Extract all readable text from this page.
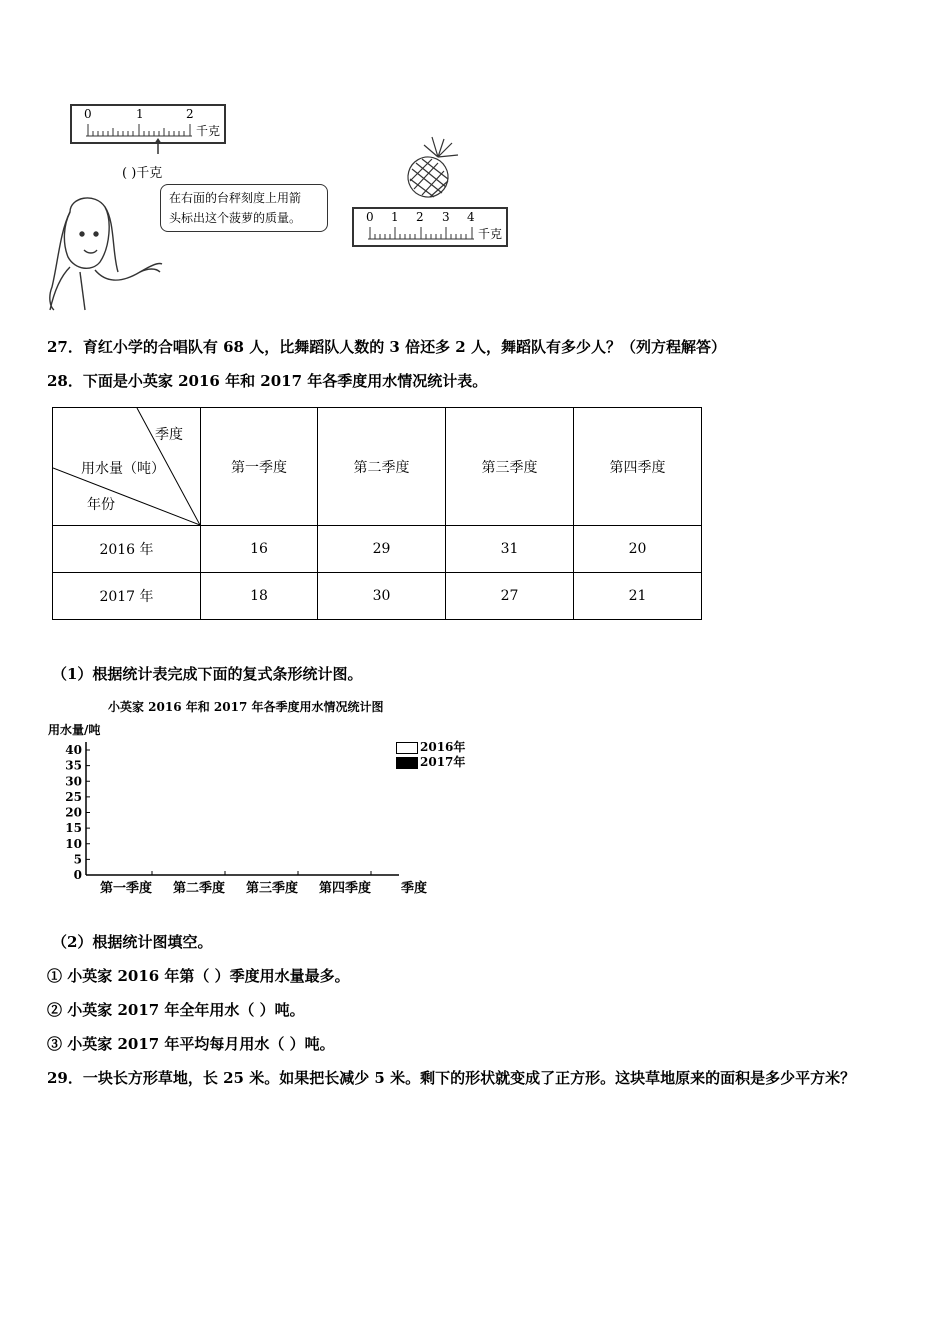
0	1	2
千克
( )千克
在右面的台秤刻度上用箭
头标出这个菠萝的质量。	0 1 2 3 4
千克
27．育红小学的合唱队有 68 人，比舞蹈队人数的 3 倍还多 2 人，舞蹈队有多少人？（列方程解答）
28．下面是小英家 2016 年和 2017 年各季度用水情况统计表。
季度
用水量（吨）
年份	第一季度	第二季度	第三季度	第四季度
2016 年	16	29	31	20
2017 年	18	30	27	21
（1）根据统计表完成下面的复式条形统计图。
小英家 2016 年和 2017 年各季度用水情况统计图
用水量/吨
0
5
10
15
20
25
30
35
40
第一季度 第二季度 第三季度 第四季度 季度
2016年
2017年
（2）根据统计图填空。
① 小英家 2016 年第（ ）季度用水量最多。
② 小英家 2017 年全年用水（ ）吨。
③ 小英家 2017 年平均每月用水（ ）吨。
29．一块长方形草地，长 25 米。如果把长减少 5 米。剩下的形状就变成了正方形。这块草地原来的面积是多少平方米？
